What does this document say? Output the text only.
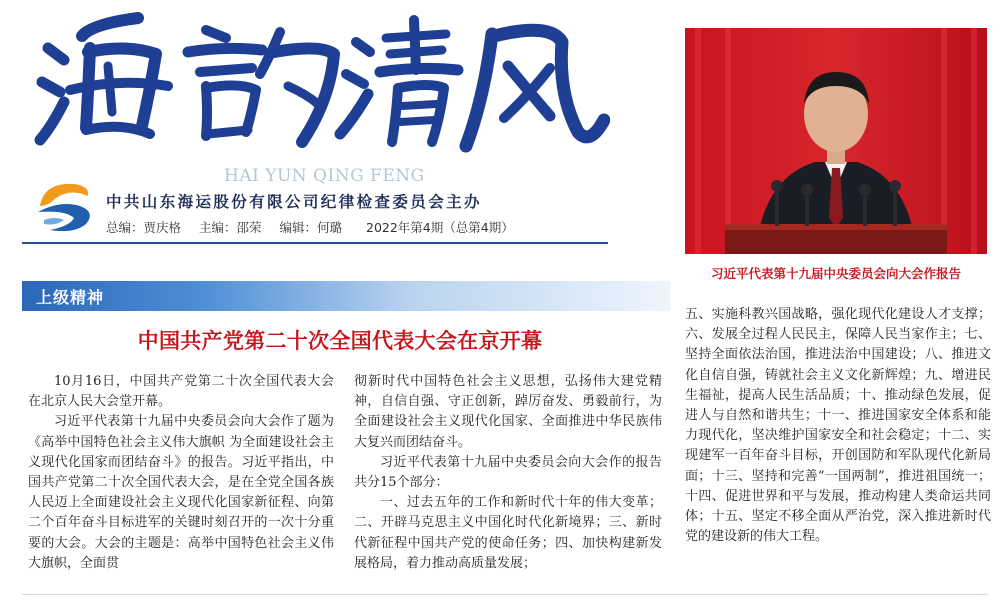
HAI YUN QING FENG
中共山东海运股份有限公司纪律检查委员会主办
总编：贾庆格 主编：邵荣 编辑：何璐 2022年第4期（总第4期）
习近平代表第十九届中央委员会向大会作报告
上级精神
中国共产党第二十次全国代表大会在京开幕

10月16日，中国共产党第二十次全国代表大会在北京人民大会堂开幕。

习近平代表第十九届中央委员会向大会作了题为《高举中国特色社会主义伟大旗帜 为全面建设社会主义现代化国家而团结奋斗》的报告。习近平指出，中国共产党第二十次全国代表大会，是在全党全国各族人民迈上全面建设社会主义现代化国家新征程、向第二个百年奋斗目标进军的关键时刻召开的一次十分重要的大会。大会的主题是：高举中国特色社会主义伟大旗帜，全面贯

彻新时代中国特色社会主义思想，弘扬伟大建党精神，自信自强、守正创新，踔厉奋发、勇毅前行，为全面建设社会主义现代化国家、全面推进中华民族伟大复兴而团结奋斗。

习近平代表第十九届中央委员会向大会作的报告共分15个部分：

一、过去五年的工作和新时代十年的伟大变革；二、开辟马克思主义中国化时代化新境界；三、新时代新征程中国共产党的使命任务；四、加快构建新发展格局，着力推动高质量发展；

五、实施科教兴国战略，强化现代化建设人才支撑；六、发展全过程人民民主，保障人民当家作主；七、坚持全面依法治国，推进法治中国建设；八、推进文化自信自强，铸就社会主义文化新辉煌；九、增进民生福祉，提高人民生活品质；十、推动绿色发展，促进人与自然和谐共生；十一、推进国家安全体系和能力现代化，坚决维护国家安全和社会稳定；十二、实现建军一百年奋斗目标，开创国防和军队现代化新局面；十三、坚持和完善“一国两制”，推进祖国统一；十四、促进世界和平与发展，推动构建人类命运共同体；十五、坚定不移全面从严治党，深入推进新时代党的建设新的伟大工程。
